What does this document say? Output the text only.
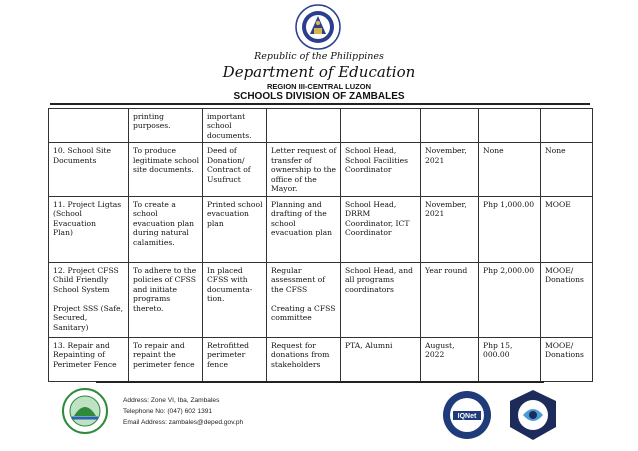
Republic of the Philippines
Department of Education
REGION III-CENTRAL LUZON
SCHOOLS DIVISION OF ZAMBALES
	printing
purposes.	important
school
documents.					
10. School Site
Documents	To produce
legitimate school
site documents.	Deed of
Donation/
Contract of
Usufruct	Letter request of
transfer of
ownership to the
office of the
Mayor.	School Head,
School Facilities
Coordinator	November,
2021	None	None
11. Project Ligtas
(School Evacuation
Plan)	To create a
school
evacuation plan
during natural
calamities.	Printed school
evacuation
plan	Planning and
drafting of the
school
evacuation plan	School Head,
DRRM
Coordinator, ICT
Coordinator	November,
2021	Php 1,000.00	MOOE
12. Project CFSS
Child Friendly
School System

Project SSS (Safe,
Secured, Sanitary)	To adhere to the
policies of CFSS
and initiate
programs
thereto.	In placed
CFSS with
documenta-
tion.	Regular
assessment of
the CFSS

Creating a CFSS
committee	School Head, and
all programs
coordinators	Year round	Php 2,000.00	MOOE/
Donations
13. Repair and
Repainting of
Perimeter Fence	To repair and
repaint the
perimeter fence	Retrofitted
perimeter
fence	Request for
donations from
stakeholders	PTA, Alumni	August, 2022	Php 15, 000.00	MOOE/
Donations
Address: Zone VI, Iba, Zambales
Telephone No: (047) 602 1391
Email Address: zambales@deped.gov.ph
IQNet
